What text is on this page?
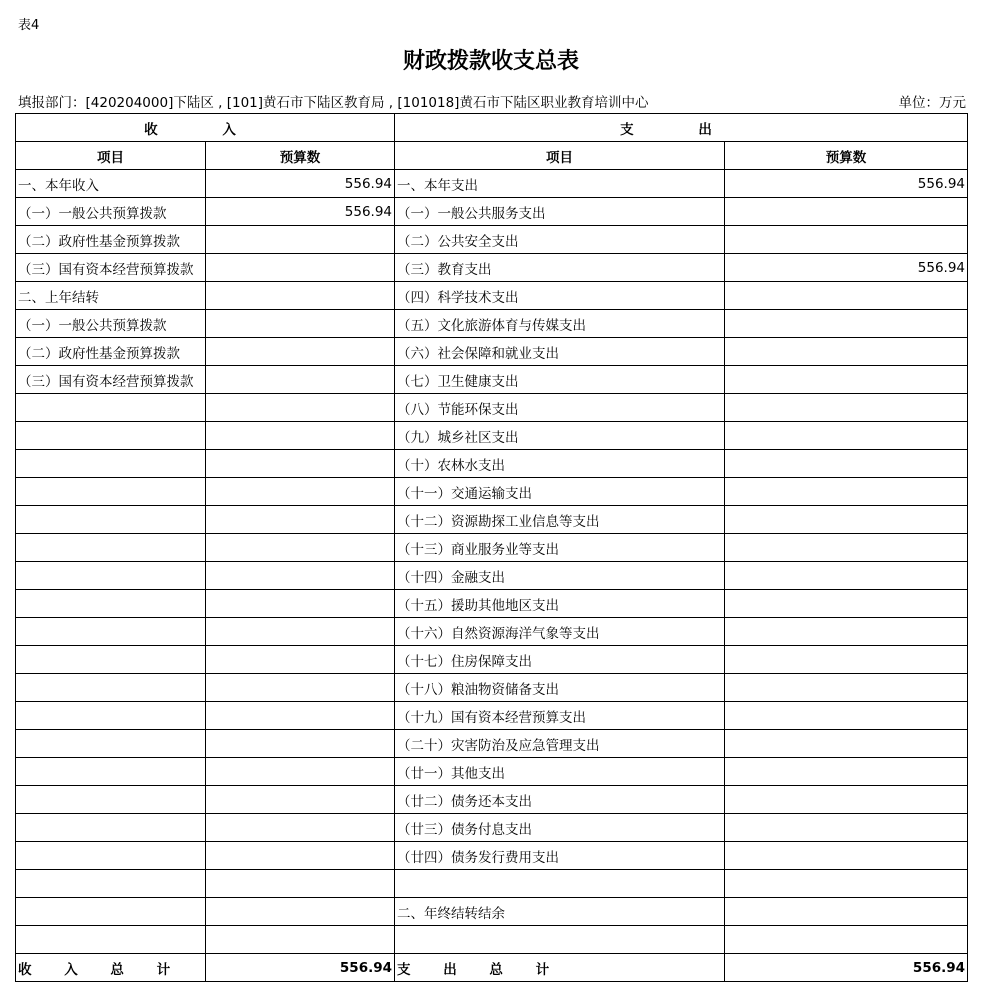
表4
财政拨款收支总表
填报部门：[420204000]下陆区 , [101]黄石市下陆区教育局 , [101018]黄石市下陆区职业教育培训中心	单位：万元
收 入		支 出	
项目	预算数	项目	预算数
一、本年收入	556.94	一、本年支出	556.94
（一）一般公共预算拨款	556.94	（一）一般公共服务支出	
（二）政府性基金预算拨款		（二）公共安全支出	
（三）国有资本经营预算拨款		（三）教育支出	556.94
二、上年结转		（四）科学技术支出	
（一）一般公共预算拨款		（五）文化旅游体育与传媒支出	
（二）政府性基金预算拨款		（六）社会保障和就业支出	
（三）国有资本经营预算拨款		（七）卫生健康支出	
		（八）节能环保支出	
		（九）城乡社区支出	
		（十）农林水支出	
		（十一）交通运输支出	
		（十二）资源勘探工业信息等支出	
		（十三）商业服务业等支出	
		（十四）金融支出	
		（十五）援助其他地区支出	
		（十六）自然资源海洋气象等支出	
		（十七）住房保障支出	
		（十八）粮油物资储备支出	
		（十九）国有资本经营预算支出	
		（二十）灾害防治及应急管理支出	
		（廿一）其他支出	
		（廿二）债务还本支出	
		（廿三）债务付息支出	
		（廿四）债务发行费用支出	

		二、年终结转结余	

收 入 总 计	556.94	支 出 总 计	556.94
